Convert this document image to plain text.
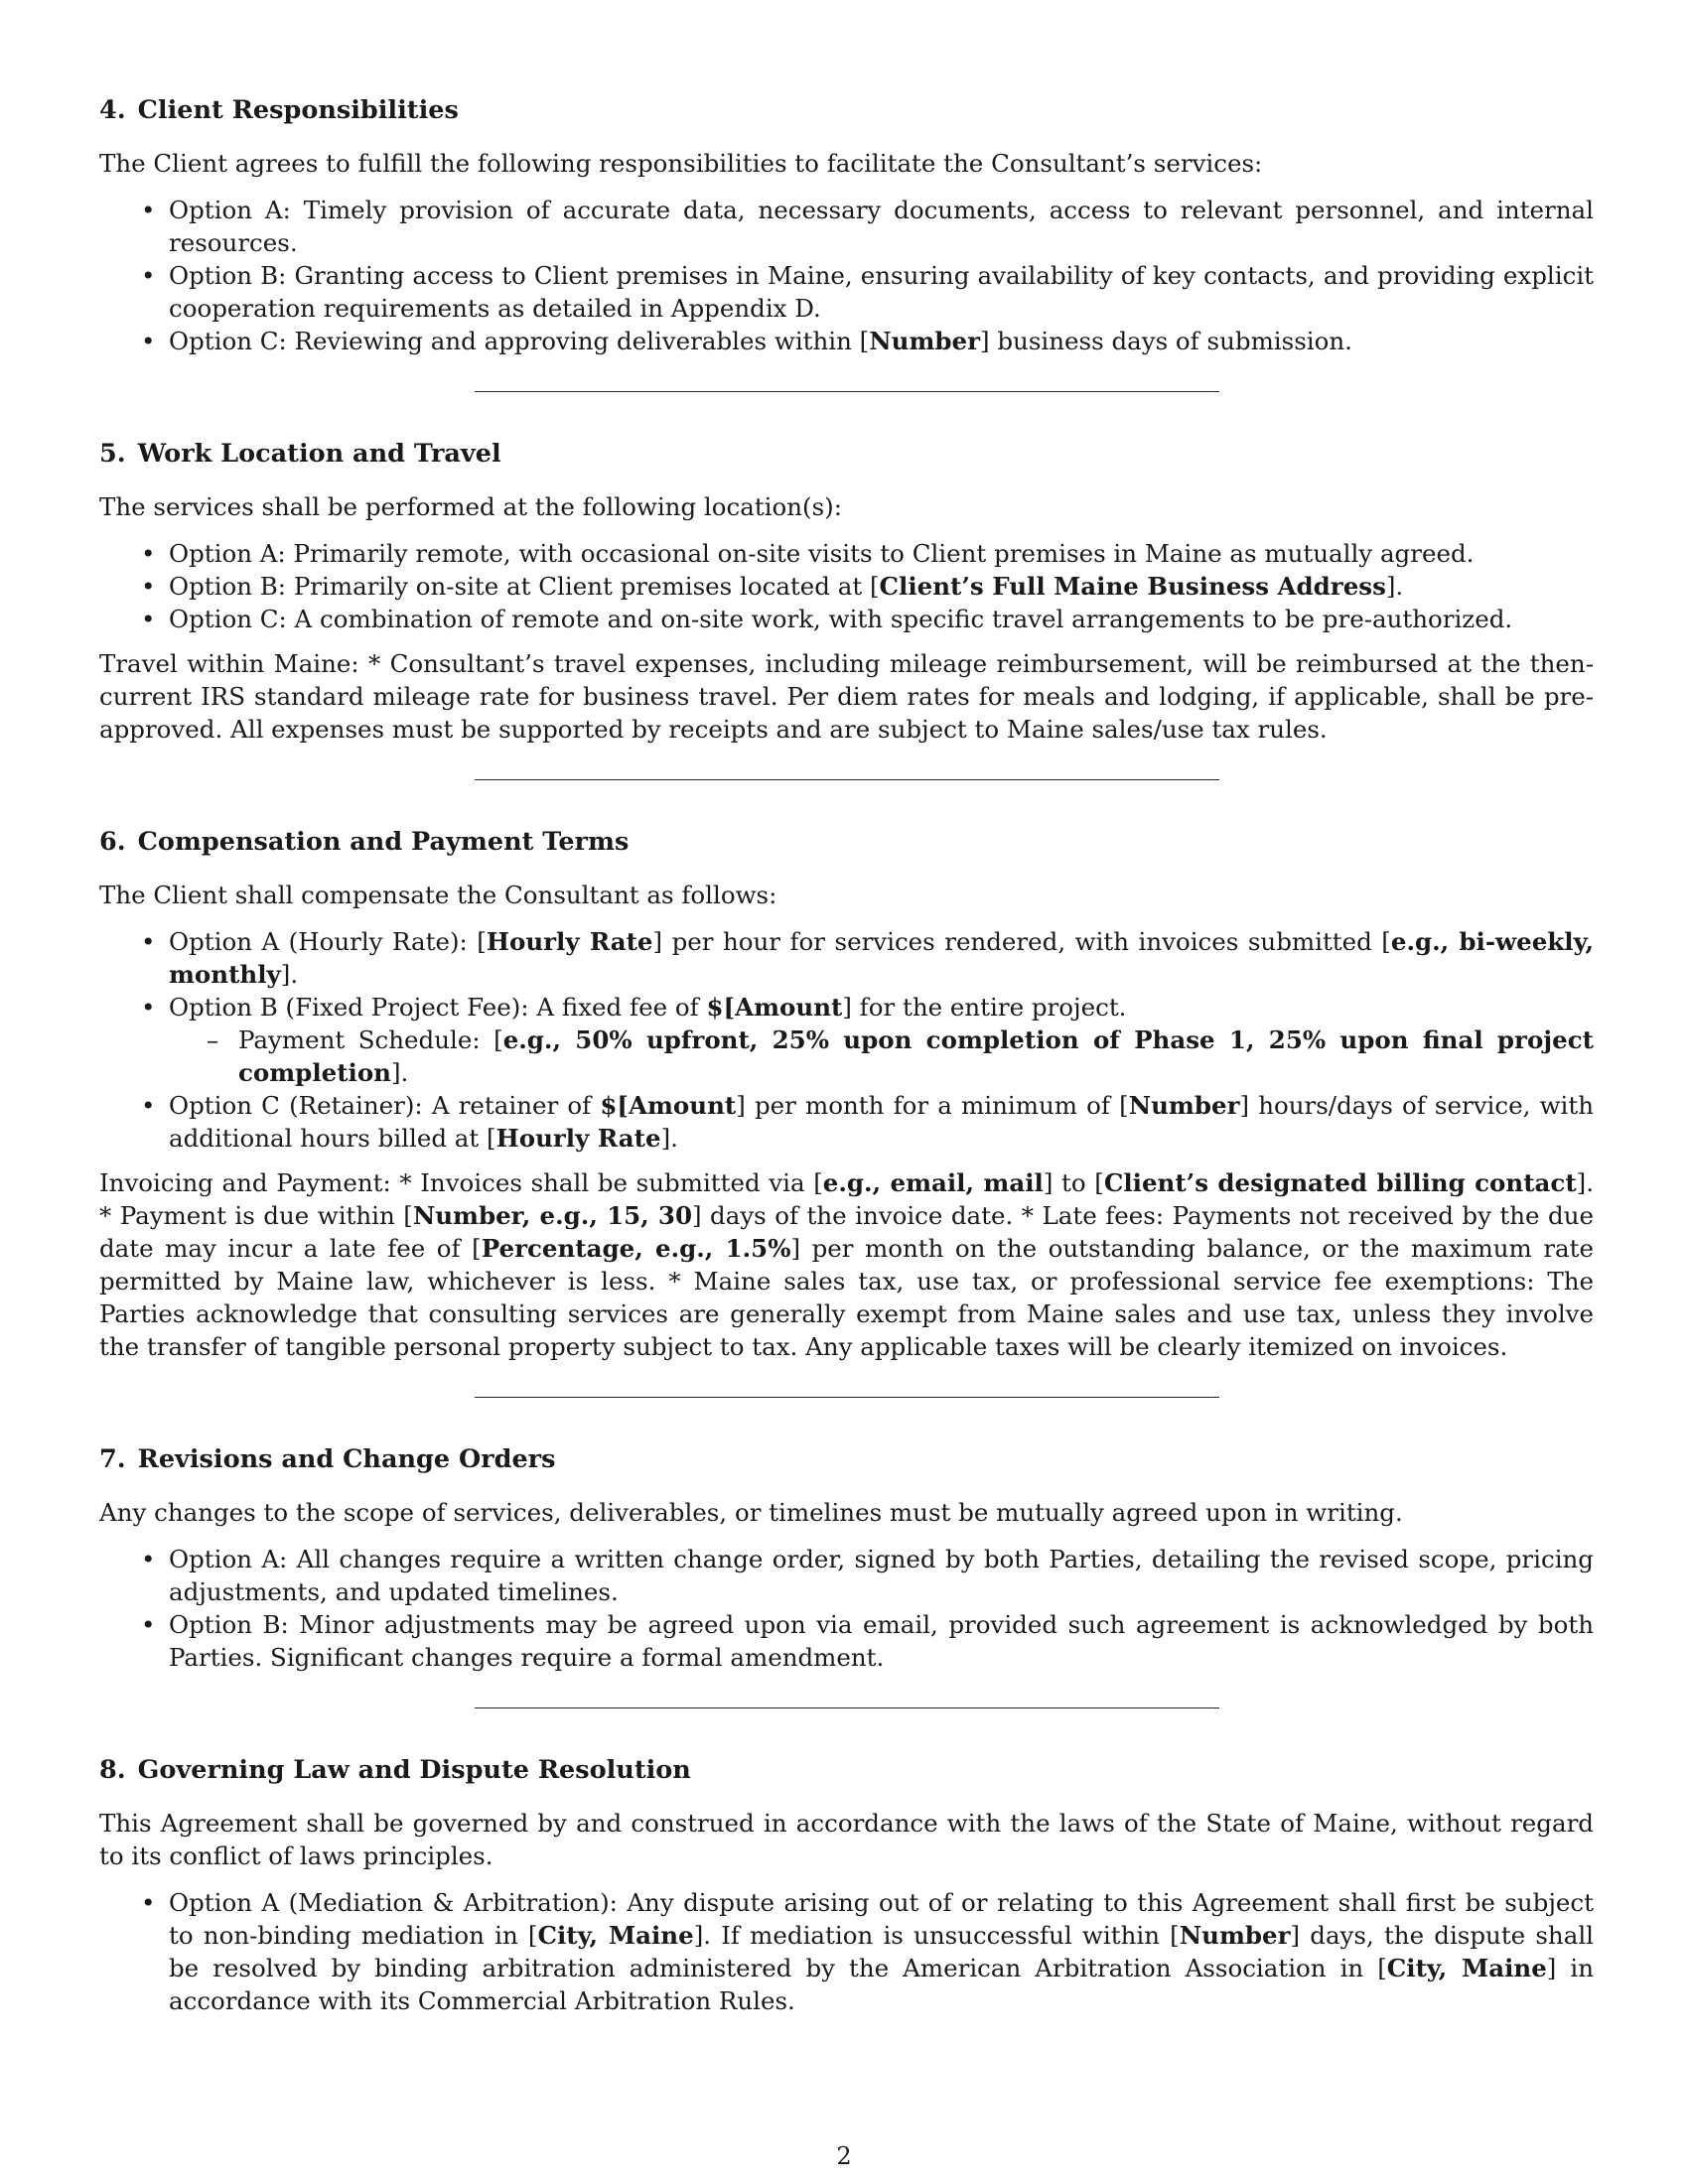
4. Client Responsibilities

The Client agrees to fulfill the following responsibilities to facilitate the Consultant’s services:

• Option A: Timely provision of accurate data, necessary documents, access to relevant personnel, and internal resources.
• Option B: Granting access to Client premises in Maine, ensuring availability of key contacts, and providing explicit cooperation requirements as detailed in Appendix D.
• Option C: Reviewing and approving deliverables within [Number] business days of submission.
5. Work Location and Travel

The services shall be performed at the following location(s):

• Option A: Primarily remote, with occasional on-site visits to Client premises in Maine as mutually agreed.
• Option B: Primarily on-site at Client premises located at [Client’s Full Maine Business Address].
• Option C: A combination of remote and on-site work, with specific travel arrangements to be pre-authorized.

Travel within Maine: * Consultant’s travel expenses, including mileage reimbursement, will be reimbursed at the then-current IRS standard mileage rate for business travel. Per diem rates for meals and lodging, if applicable, shall be pre-approved. All expenses must be supported by receipts and are subject to Maine sales/use tax rules.

6. Compensation and Payment Terms

The Client shall compensate the Consultant as follows:

• Option A (Hourly Rate): [Hourly Rate] per hour for services rendered, with invoices submitted [e.g., bi-weekly, monthly].
• Option B (Fixed Project Fee): A fixed fee of $[Amount] for the entire project.
– Payment Schedule: [e.g., 50% upfront, 25% upon completion of Phase 1, 25% upon final project completion].
• Option C (Retainer): A retainer of $[Amount] per month for a minimum of [Number] hours/days of service, with additional hours billed at [Hourly Rate].

Invoicing and Payment: * Invoices shall be submitted via [e.g., email, mail] to [Client’s designated billing contact]. * Payment is due within [Number, e.g., 15, 30] days of the invoice date. * Late fees: Payments not received by the due date may incur a late fee of [Percentage, e.g., 1.5%] per month on the outstanding balance, or the maximum rate permitted by Maine law, whichever is less. * Maine sales tax, use tax, or professional service fee exemptions: The Parties acknowledge that consulting services are generally exempt from Maine sales and use tax, unless they involve the transfer of tangible personal property subject to tax. Any applicable taxes will be clearly itemized on invoices.

7. Revisions and Change Orders

Any changes to the scope of services, deliverables, or timelines must be mutually agreed upon in writing.

• Option A: All changes require a written change order, signed by both Parties, detailing the revised scope, pricing adjustments, and updated timelines.
• Option B: Minor adjustments may be agreed upon via email, provided such agreement is acknowledged by both Parties. Significant changes require a formal amendment.
8. Governing Law and Dispute Resolution

This Agreement shall be governed by and construed in accordance with the laws of the State of Maine, without regard to its conflict of laws principles.

• Option A (Mediation & Arbitration): Any dispute arising out of or relating to this Agreement shall first be subject to non-binding mediation in [City, Maine]. If mediation is unsuccessful within [Number] days, the dispute shall be resolved by binding arbitration administered by the American Arbitration Association in [City, Maine] in accordance with its Commercial Arbitration Rules.
2
